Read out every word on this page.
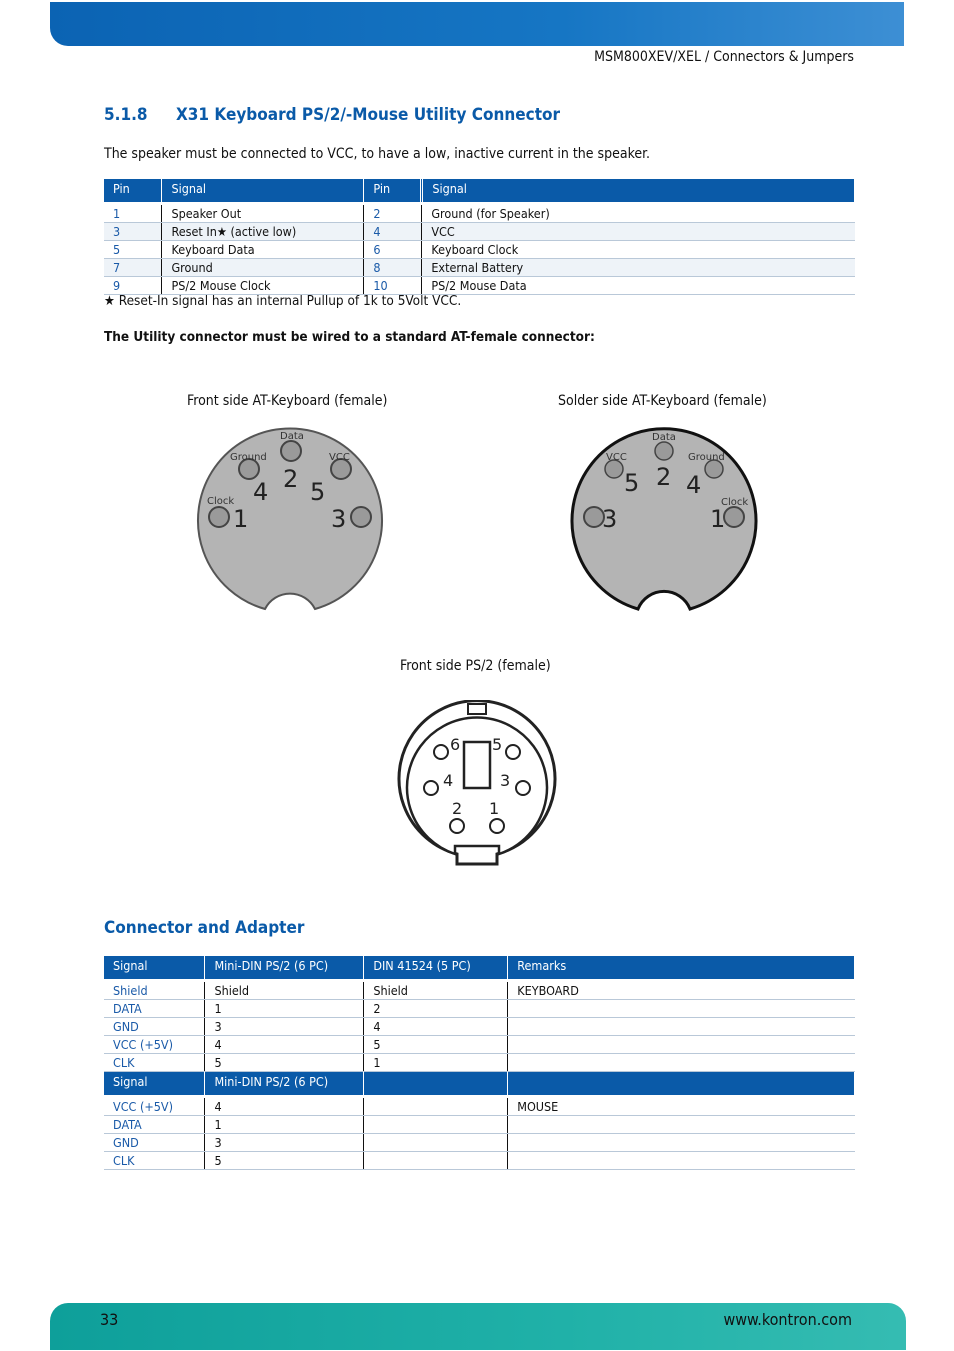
MSM800XEV/XEL / Connectors & Jumpers
5.1.8 X31 Keyboard PS/2/-Mouse Utility Connector
The speaker must be connected to VCC, to have a low, inactive current in the speaker.
Pin	Signal	Pin	Signal

1	Speaker Out	2	Ground (for Speaker)
3	Reset In★ (active low)	4	VCC
5	Keyboard Data	6	Keyboard Clock
7	Ground	8	External Battery
9	PS/2 Mouse Clock	10	PS/2 Mouse Data
★ Reset-In signal has an internal Pullup of 1k to 5Volt VCC.
The Utility connector must be wired to a standard AT-female connector:
Front side AT-Keyboard (female)	Solder side AT-Keyboard (female)
Data
Ground	VCC
Clock
2
4 5
1	3
Data
VCC	Ground
Clock
5 2 4
3	1
Front side PS/2 (female)
6 5
4	3
2 1
Connector and Adapter
Signal	Mini-DIN PS/2 (6 PC)	DIN 41524 (5 PC)	Remarks

Shield	Shield	Shield	KEYBOARD
DATA	1	2	
GND	3	4	
VCC (+5V)	4	5	
CLK	5	1	
Signal	Mini-DIN PS/2 (6 PC)		

VCC (+5V)	4		MOUSE
DATA	1		
GND	3		
CLK	5		
33	www.kontron.com
